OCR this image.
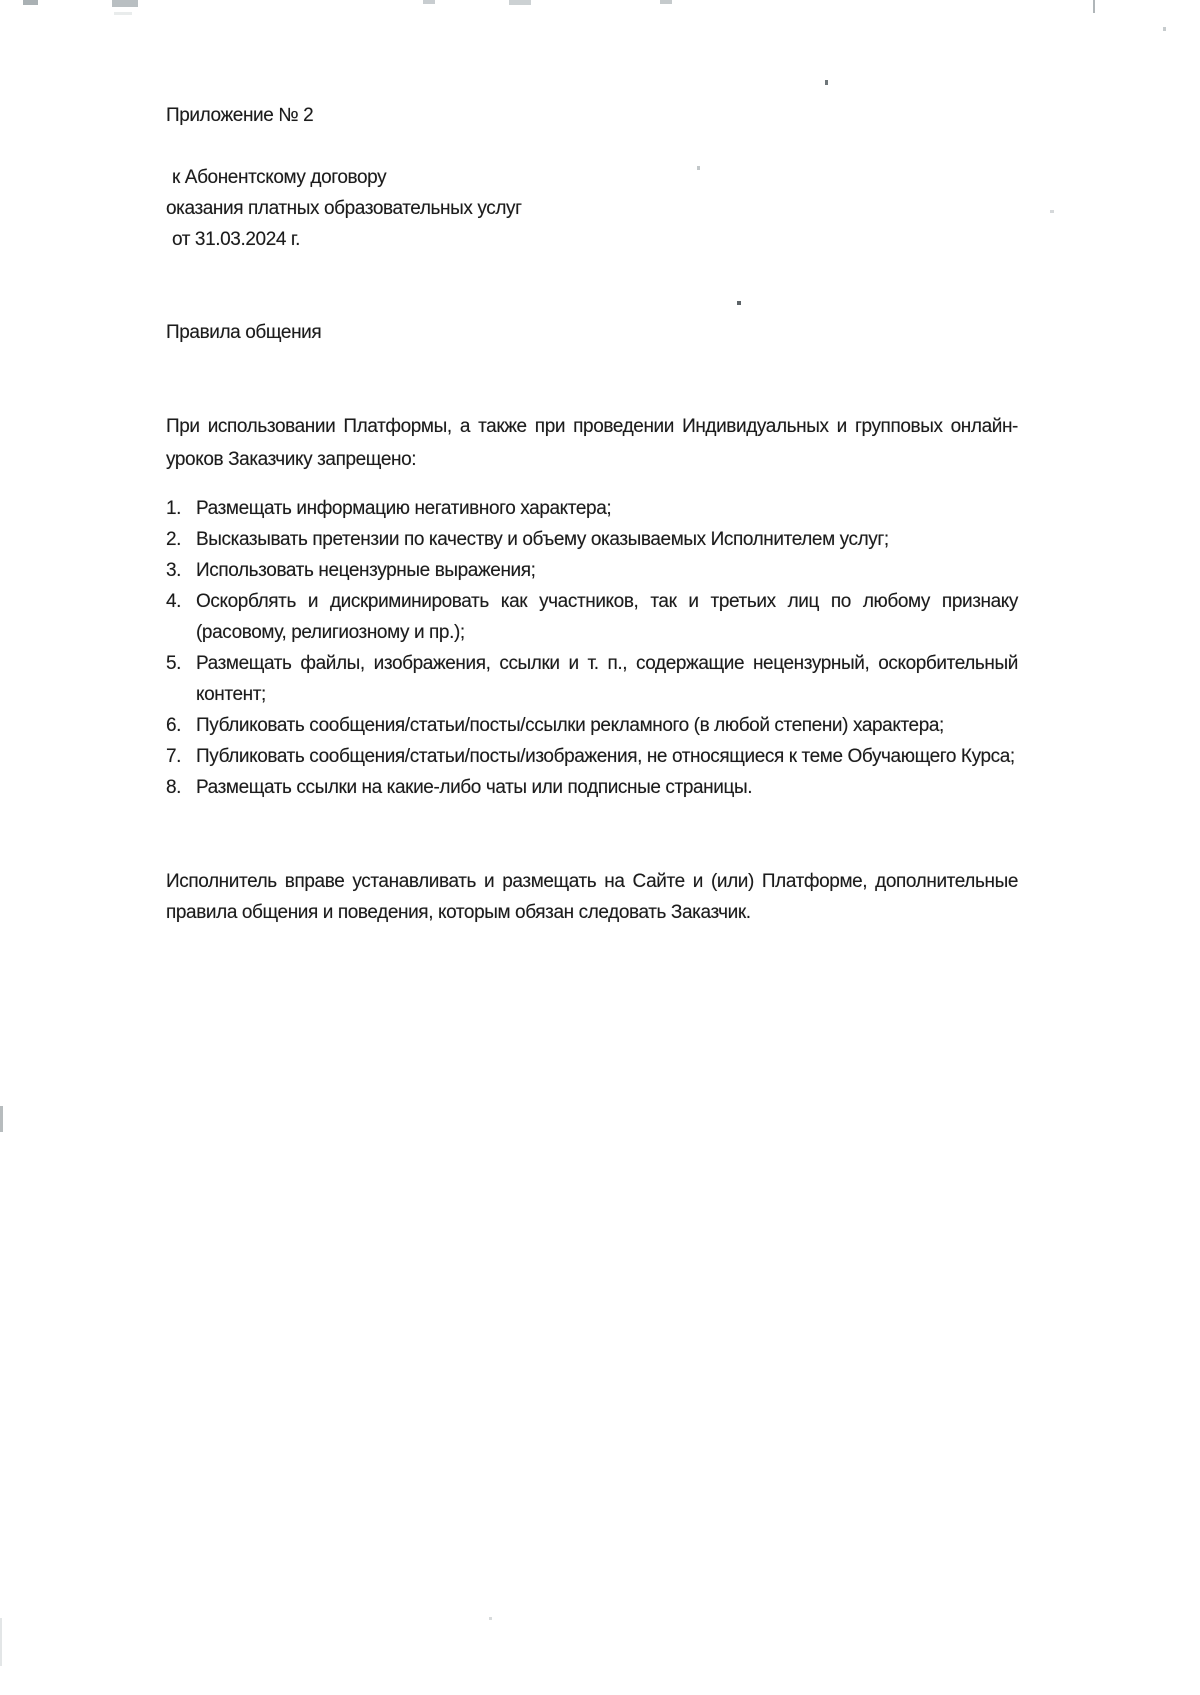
Приложение № 2

к Абонентскому договору

оказания платных образовательных услуг

от 31.03.2024 г.

Правила общения

При использовании Платформы, а также при проведении Индивидуальных и групповых онлайн-уроков Заказчику запрещено:

Размещать информацию негативного характера;
Высказывать претензии по качеству и объему оказываемых Исполнителем услуг;
Использовать нецензурные выражения;
Оскорблять и дискриминировать как участников, так и третьих лиц по любому признаку (расовому, религиозному и пр.);
Размещать файлы, изображения, ссылки и т. п., содержащие нецензурный, оскорбительный контент;
Публиковать сообщения/статьи/посты/ссылки рекламного (в любой степени) характера;
Публиковать сообщения/статьи/посты/изображения, не относящиеся к теме Обучающего Курса;
Размещать ссылки на какие-либо чаты или подписные страницы.

Исполнитель вправе устанавливать и размещать на Сайте и (или) Платформе, дополнительные правила общения и поведения, которым обязан следовать Заказчик.
